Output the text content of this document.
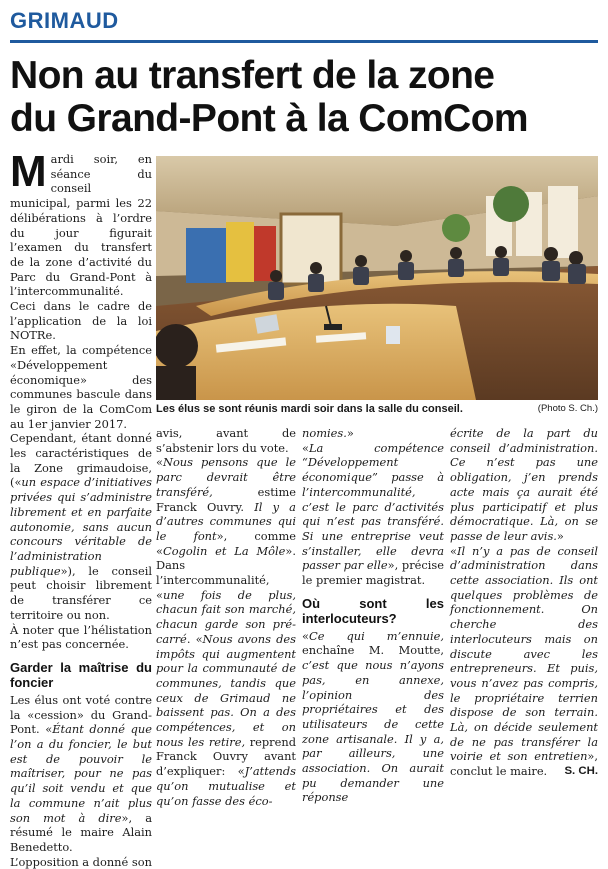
GRIMAUD
Non au transfert de la zone
du Grand-Pont à la ComCom

Mardi soir, en séance du conseil municipal, parmi les 22 délibérations à l’ordre du jour figurait l’examen du transfert de la zone d’activité du Parc du Grand-Pont à l’intercommunalité. Ceci dans le cadre de l’application de la loi NOTRe.

En effet, la compétence «Développement économique» des communes bascule dans le giron de la ComCom au 1er janvier 2017.

Cependant, étant donné les caractéristiques de la Zone grimaudoise, («un espace d’initiatives privées qui s’administre librement et en parfaite autonomie, sans aucun concours véritable de l’administration publique»), le conseil peut choisir librement de transférer ce territoire ou non.

À noter que l’hélistation n’est pas concernée.

Garder la maîtrise du foncier

Les élus ont voté contre la «cession» du Grand-Pont. «Étant donné que l’on a du foncier, le but est de pouvoir le maîtriser, pour ne pas qu’il soit vendu et que la commune n’ait plus son mot à dire», a résumé le maire Alain Benedetto.

L’opposition a donné son

Les élus se sont réunis mardi soir dans la salle du conseil.	(Photo S. Ch.)

avis, avant de s’abstenir lors du vote.

«Nous pensons que le parc devrait être transféré, estime Franck Ouvry. Il y a d’autres communes qui le font», comme «Cogolin et La Môle». Dans l’intercommunalité, «une fois de plus, chacun fait son marché, chacun garde son pré-carré. «Nous avons des impôts qui augmentent pour la communauté de communes, tandis que ceux de Grimaud ne baissent pas. On a des compétences, et on nous les retire, reprend Franck Ouvry avant d’expliquer: «J’attends qu’on mutualise et qu’on fasse des éco-

nomies.»

«La compétence “Développement économique” passe à l’intercommunalité, c’est le parc d’activités qui n’est pas transféré. Si une entreprise veut s’installer, elle devra passer par elle», précise le premier magistrat.

Où sont les interlocuteurs?

«Ce qui m’ennuie, enchaîne M. Moutte, c’est que nous n’ayons pas, en annexe, l’opinion des propriétaires et des utilisateurs de cette zone artisanale. Il y a, par ailleurs, une association. On aurait pu demander une réponse

écrite de la part du conseil d’administration. Ce n’est pas une obligation, j’en prends acte mais ça aurait été plus participatif et plus démocratique. Là, on se passe de leur avis.»

«Il n’y a pas de conseil d’administration dans cette association. Ils ont quelques problèmes de fonctionnement. On cherche des interlocuteurs mais on discute avec les entrepreneurs. Et puis, vous n’avez pas compris, le propriétaire terrien dispose de son terrain. Là, on décide seulement de ne pas transférer la voirie et son entretien», conclut le maire. S. CH.
